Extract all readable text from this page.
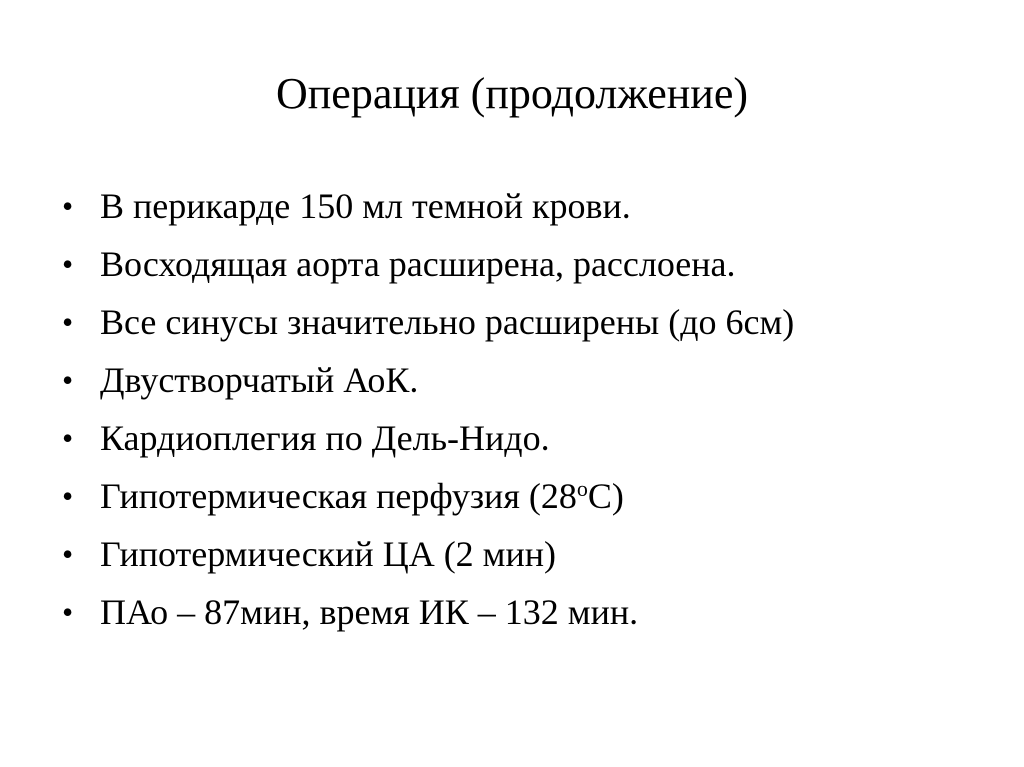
Операция (продолжение)
• В перикарде 150 мл темной крови.
• Восходящая аорта расширена, расслоена.
• Все синусы значительно расширены (до 6см)
• Двустворчатый АоК.
• Кардиоплегия по Дель-Нидо.
• Гипотермическая перфузия $(28^оС)$
• Гипотермический ЦА (2 мин)
• ПАо – 87мин, время ИК – 132 мин.
